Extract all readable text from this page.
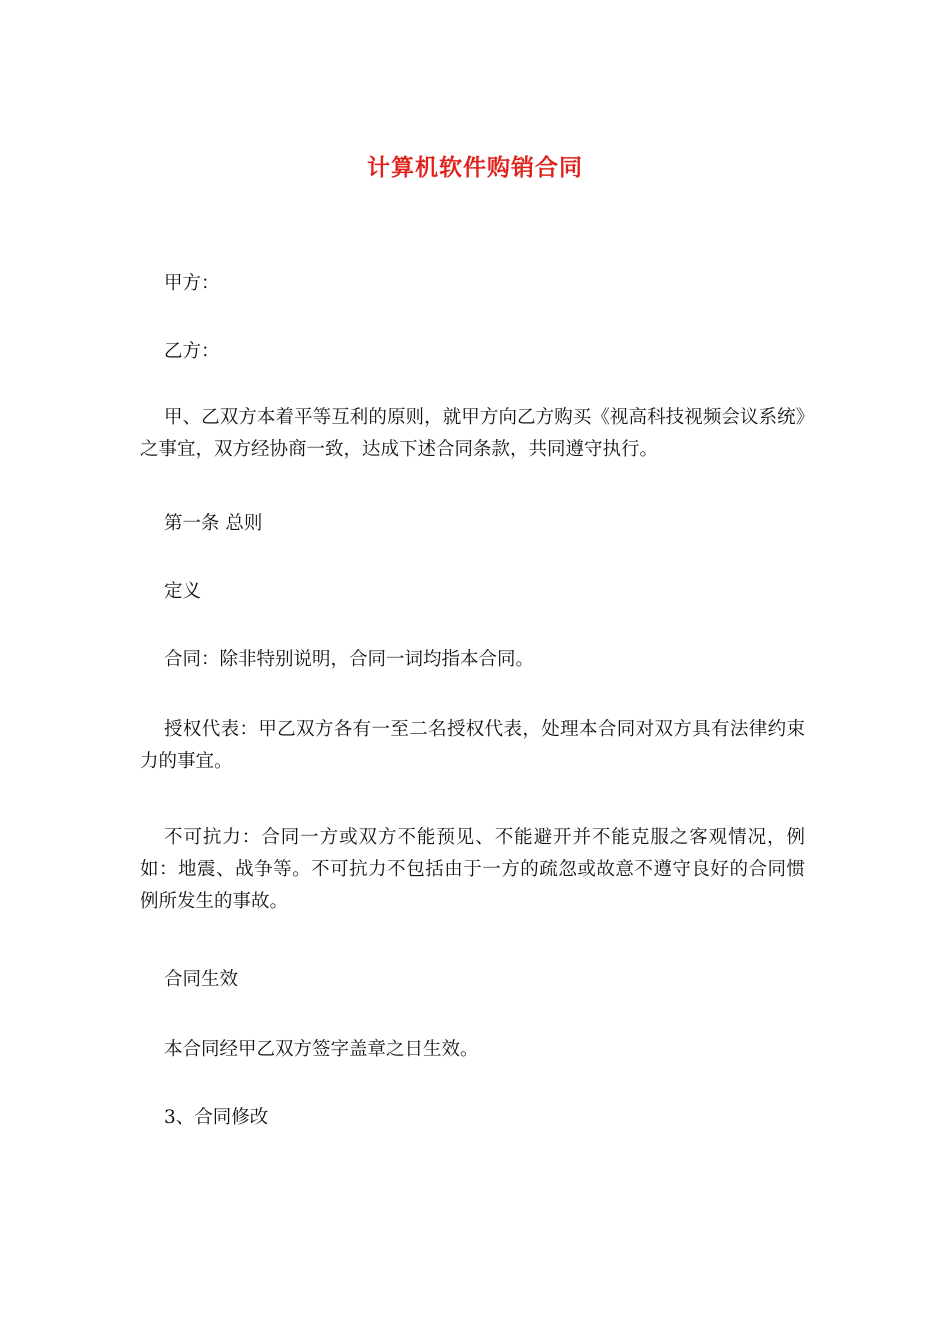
计算机软件购销合同

甲方：

乙方：

甲、乙双方本着平等互利的原则，就甲方向乙方购买《视高科技视频会议系统》之事宜，双方经协商一致，达成下述合同条款，共同遵守执行。

第一条 总则

定义

合同：除非特别说明，合同一词均指本合同。

授权代表：甲乙双方各有一至二名授权代表，处理本合同对双方具有法律约束力的事宜。

不可抗力：合同一方或双方不能预见、不能避开并不能克服之客观情况，例如：地震、战争等。不可抗力不包括由于一方的疏忽或故意不遵守良好的合同惯例所发生的事故。

合同生效

本合同经甲乙双方签字盖章之日生效。

3、合同修改
